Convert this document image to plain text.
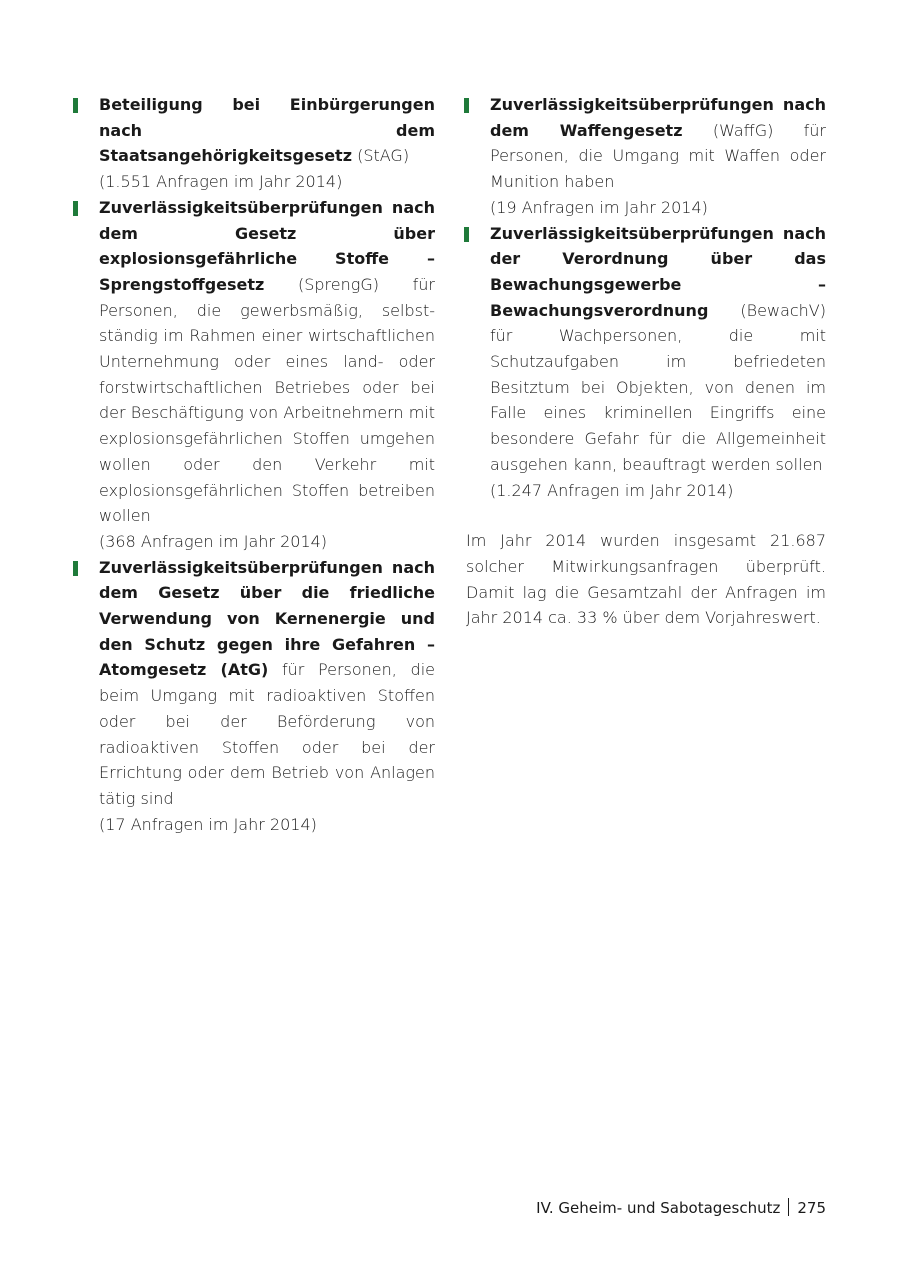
Beteiligung bei Einbürgerungen nach dem Staatsangehörigkeitsgesetz (StAG)
(1.551 Anfragen im Jahr 2014)
Zuverlässigkeitsüberprüfungen nach dem Gesetz über explosionsgefährliche Stoffe – Sprengstoffgesetz (SprengG) für Personen, die gewerbsmäßig, selbstständig im Rahmen einer wirtschaftlichen Unternehmung oder eines land- oder forstwirtschaftlichen Betriebes oder bei der Beschäftigung von Arbeitnehmern mit explosionsgefährlichen Stoffen umgehen wollen oder den Verkehr mit explosionsgefährlichen Stoffen betreiben wollen
(368 Anfragen im Jahr 2014)
Zuverlässigkeitsüberprüfungen nach dem Gesetz über die friedliche Verwendung von Kernenergie und den Schutz gegen ihre Gefahren – Atomgesetz (AtG) für Personen, die beim Umgang mit radioaktiven Stoffen oder bei der Beförderung von radioaktiven Stoffen oder bei der Errichtung oder dem Betrieb von Anlagen tätig sind
(17 Anfragen im Jahr 2014)
Zuverlässigkeitsüberprüfungen nach dem Waffengesetz (WaffG) für Personen, die Umgang mit Waffen oder Munition haben
(19 Anfragen im Jahr 2014)
Zuverlässigkeitsüberprüfungen nach der Verordnung über das Bewachungsgewerbe – Bewachungsverordnung (BewachV) für Wachpersonen, die mit Schutzaufgaben im befriedeten Besitztum bei Objekten, von denen im Falle eines kriminellen Eingriffs eine besondere Gefahr für die Allgemeinheit ausgehen kann, beauftragt werden sollen
(1.247 Anfragen im Jahr 2014)

Im Jahr 2014 wurden insgesamt 21.687 solcher Mitwirkungsanfragen überprüft. Damit lag die Gesamtzahl der Anfragen im Jahr 2014 ca. 33 % über dem Vorjahreswert.

IV. Geheim- und Sabotageschutz 275
